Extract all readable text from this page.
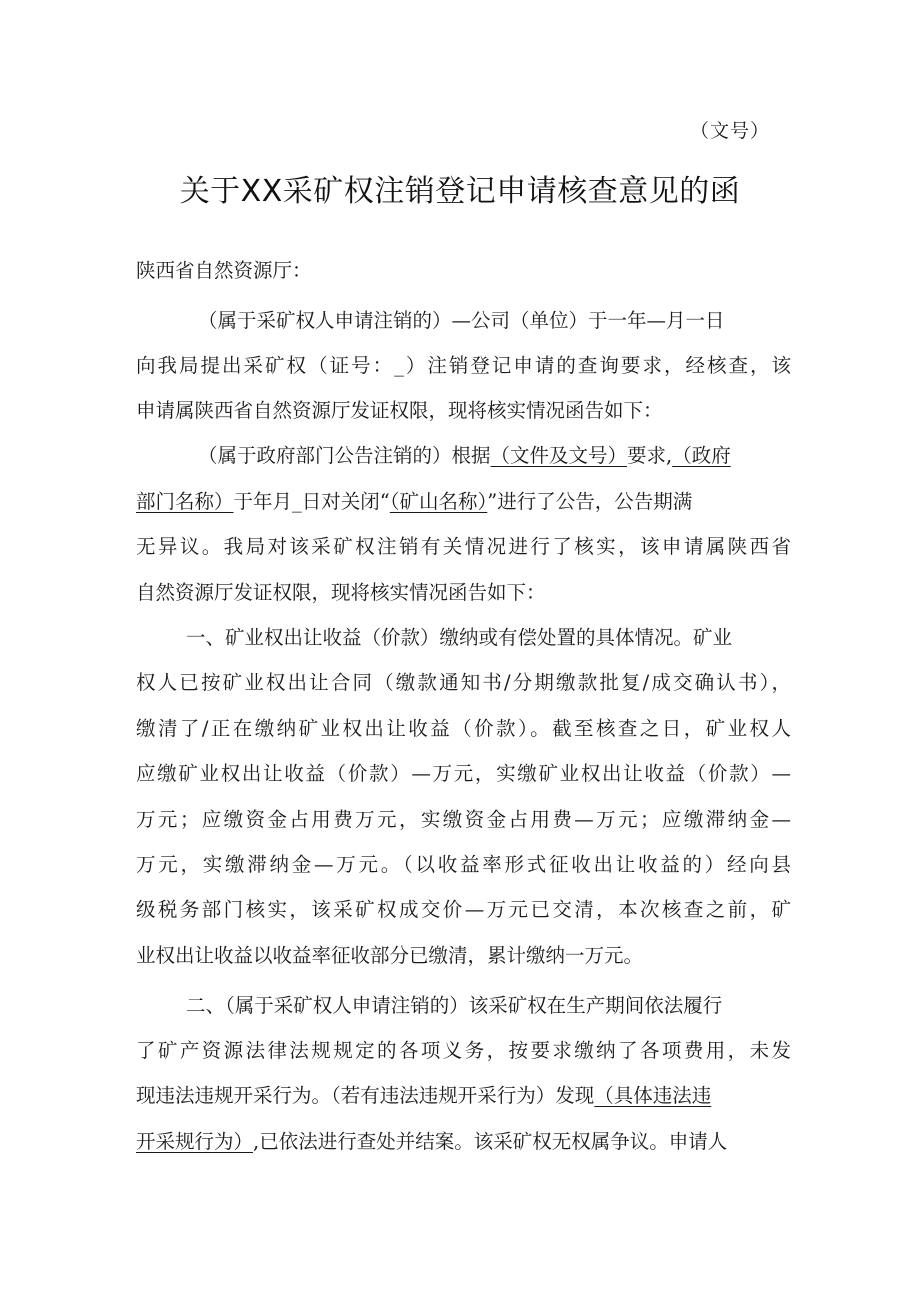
（文号）
关于XX采矿权注销登记申请核查意见的函
陕西省自然资源厅：
（属于采矿权人申请注销的）—公司（单位）于一年—月一日
向我局提出采矿权（证号：_）注销登记申请的查询要求，经核查，该
申请属陕西省自然资源厅发证权限，现将核实情况函告如下：
（属于政府部门公告注销的）根据（文件及文号）要求,（政府
部门名称）于年月_日对关闭“（矿山名称）”进行了公告，公告期满
无异议。我局对该采矿权注销有关情况进行了核实，该申请属陕西省
自然资源厅发证权限，现将核实情况函告如下：
一、矿业权出让收益（价款）缴纳或有偿处置的具体情况。矿业
权人已按矿业权出让合同（缴款通知书/分期缴款批复/成交确认书），
缴清了/正在缴纳矿业权出让收益（价款）。截至核查之日，矿业权人
应缴矿业权出让收益（价款）—万元，实缴矿业权出让收益（价款）—
万元；应缴资金占用费万元，实缴资金占用费—万元；应缴滞纳金—
万元，实缴滞纳金—万元。（以收益率形式征收出让收益的）经向县
级税务部门核实，该采矿权成交价—万元已交清，本次核查之前，矿
业权出让收益以收益率征收部分已缴清，累计缴纳一万元。
二、（属于采矿权人申请注销的）该采矿权在生产期间依法履行
了矿产资源法律法规规定的各项义务，按要求缴纳了各项费用，未发
现违法违规开采行为。（若有违法违规开采行为）发现（具体违法违
开采规行为）,已依法进行查处并结案。该采矿权无权属争议。申请人
